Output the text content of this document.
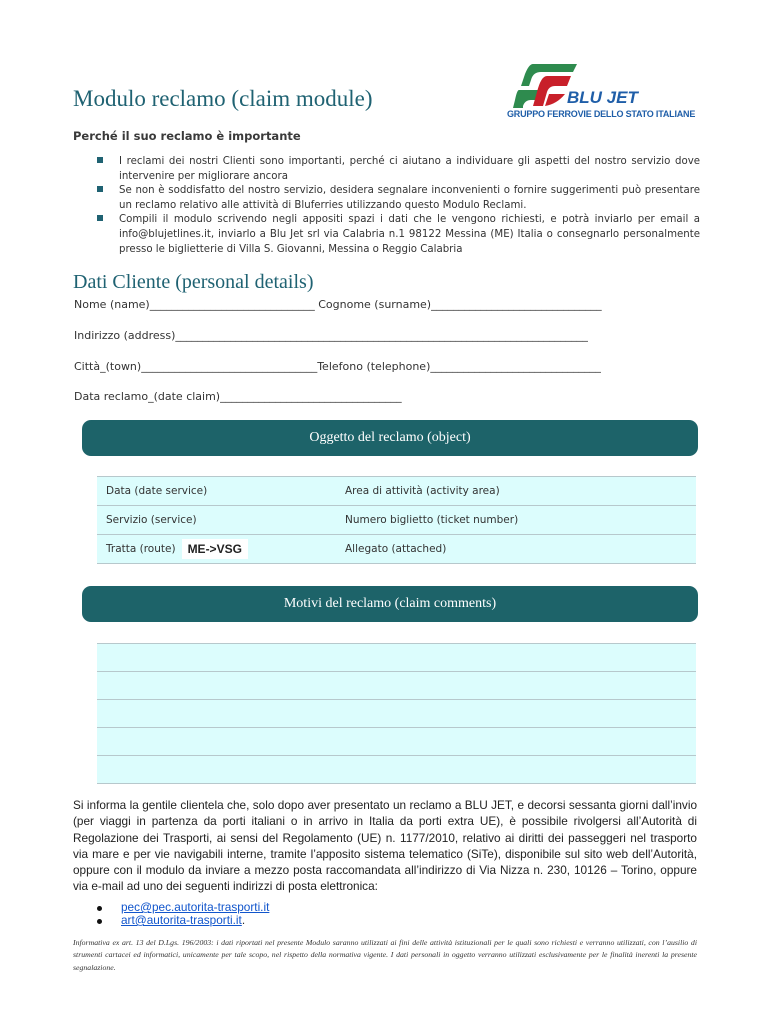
Modulo reclamo (claim module)
Perché il suo reclamo è importante
BLU JET
GRUPPO FERROVIE DELLO STATO ITALIANE
I reclami dei nostri Clienti sono importanti, perché ci aiutano a individuare gli aspetti del nostro servizio dove intervenire per migliorare ancora
Se non è soddisfatto del nostro servizio, desidera segnalare inconvenienti o fornire suggerimenti può presentare un reclamo relativo alle attività di Bluferries utilizzando questo Modulo Reclami.
Compili il modulo scrivendo negli appositi spazi i dati che le vengono richiesti, e potrà inviarlo per email a info@blujetlines.it, inviarlo a Blu Jet srl via Calabria n.1 98122 Messina (ME) Italia o consegnarlo personalmente presso le biglietterie di Villa S. Giovanni, Messina o Reggio Calabria
Dati Cliente (personal details)
Nome (name)______________________________ Cognome (surname)_______________________________
Indirizzo (address)___________________________________________________________________________
Città_(town)________________________________Telefono (telephone)_______________________________
Data reclamo_(date claim)_________________________________
Oggetto del reclamo (object)
Data (date service)	Area di attività (activity area)
Servizio (service)	Numero biglietto (ticket number)
Tratta (route)	ME->VSG	Allegato (attached)
Motivi del reclamo (claim comments)
Si informa la gentile clientela che, solo dopo aver presentato un reclamo a BLU JET, e decorsi sessanta giorni dall’invio (per viaggi in partenza da porti italiani o in arrivo in Italia da porti extra UE), è possibile rivolgersi all’Autorità di Regolazione dei Trasporti, ai sensi del Regolamento (UE) n. 1177/2010, relativo ai diritti dei passeggeri nel trasporto via mare e per vie navigabili interne, tramite l’apposito sistema telematico (SiTe), disponibile sul sito web dell’Autorità, oppure con il modulo da inviare a mezzo posta raccomandata all’indirizzo di Via Nizza n. 230, 10126 – Torino, oppure via e-mail ad uno dei seguenti indirizzi di posta elettronica:
pec@pec.autorita-trasporti.it
art@autorita-trasporti.it.
Informativa ex art. 13 del D.Lgs. 196/2003: i dati riportati nel presente Modulo saranno utilizzati ai fini delle attività istituzionali per le quali sono richiesti e verranno utilizzati, con l’ausilio di strumenti cartacei ed informatici, unicamente per tale scopo, nel rispetto della normativa vigente. I dati personali in oggetto verranno utilizzati esclusivamente per le finalità inerenti la presente segnalazione.
